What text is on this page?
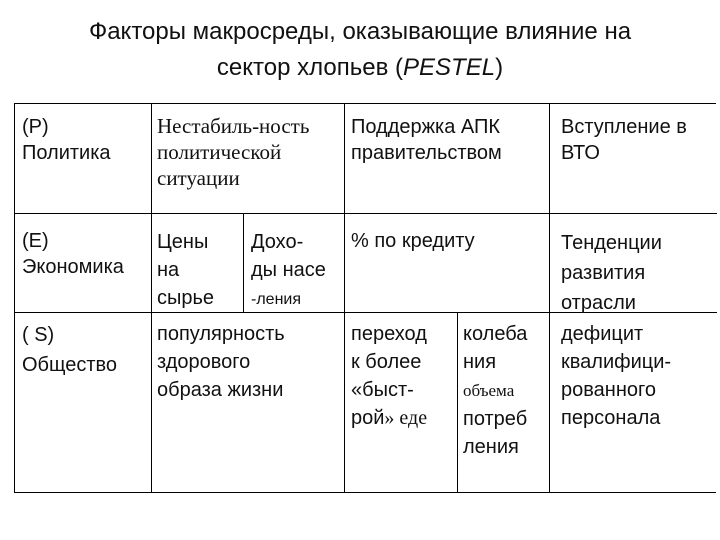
Факторы макросреды, оказывающие влияние на
сектор хлопьев (PESTEL)
(P)
Политика
Нестабиль-ность
политической
ситуации
Поддержка АПК
правительством
Вступление в
ВТО
(E)
Экономика
Цены
на
сырье
Дохо-
ды насе
-ления
% по кредиту	Тенденции
развития
отрасли
( S)
Общество
популярность
здорового
образа жизни
переход
к более
«быст-
рой» еде
колеба
ния
объема
потреб
ления
дефицит
квалифици-
рованного
персонала
